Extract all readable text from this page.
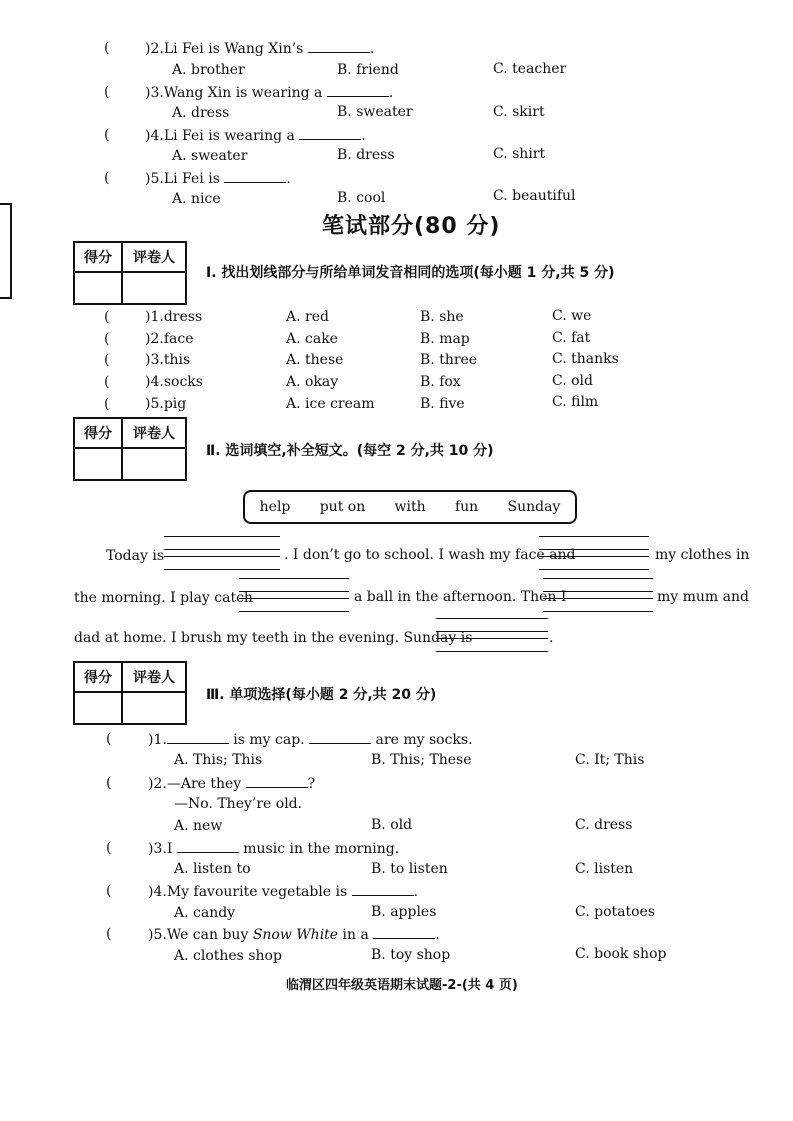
(	)2.Li Fei is Wang Xin’s	.
A. brother	B. friend	C. teacher
(	)3.Wang Xin is wearing a	.
A. dress	B. sweater	C. skirt
(	)4.Li Fei is wearing a	.
A. sweater	B. dress	C. shirt
(	)5.Li Fei is	.
A. nice	B. cool	C. beautiful
笔试部分(80 分)
得分	评卷人
Ⅰ. 找出划线部分与所给单词发音相同的选项(每小题 1 分,共 5 分)
(	)1.dress	A. red	B. she	C. we
(	)2.face	A. cake	B. map	C. fat
(	)3.this	A. these	B. three	C. thanks
(	)4.socks	A. okay	B. fox	C. old
(	)5.pig	A. ice cream	B. five	C. film
得分	评卷人
Ⅱ. 选词填空,补全短文。(每空 2 分,共 10 分)
help put on with fun Sunday
Today is	. I don’t go to school. I wash my face and	my clothes in
the morning. I play catch	a ball in the afternoon. Then I	my mum and
dad at home. I brush my teeth in the evening. Sunday is	.
得分	评卷人
Ⅲ. 单项选择(每小题 2 分,共 20 分)
(	)1.	is my cap.	are my socks.
A. This; This	B. This; These	C. It; This
(	)2.—Are they	?
—No. They’re old.
A. new	B. old	C. dress
(	)3.I	music in the morning.
A. listen to	B. to listen	C. listen
(	)4.My favourite vegetable is	.
A. candy	B. apples	C. potatoes
(	)5.We can buy Snow White in a	.
A. clothes shop	B. toy shop	C. book shop
临渭区四年级英语期末试题-2-(共 4 页)
